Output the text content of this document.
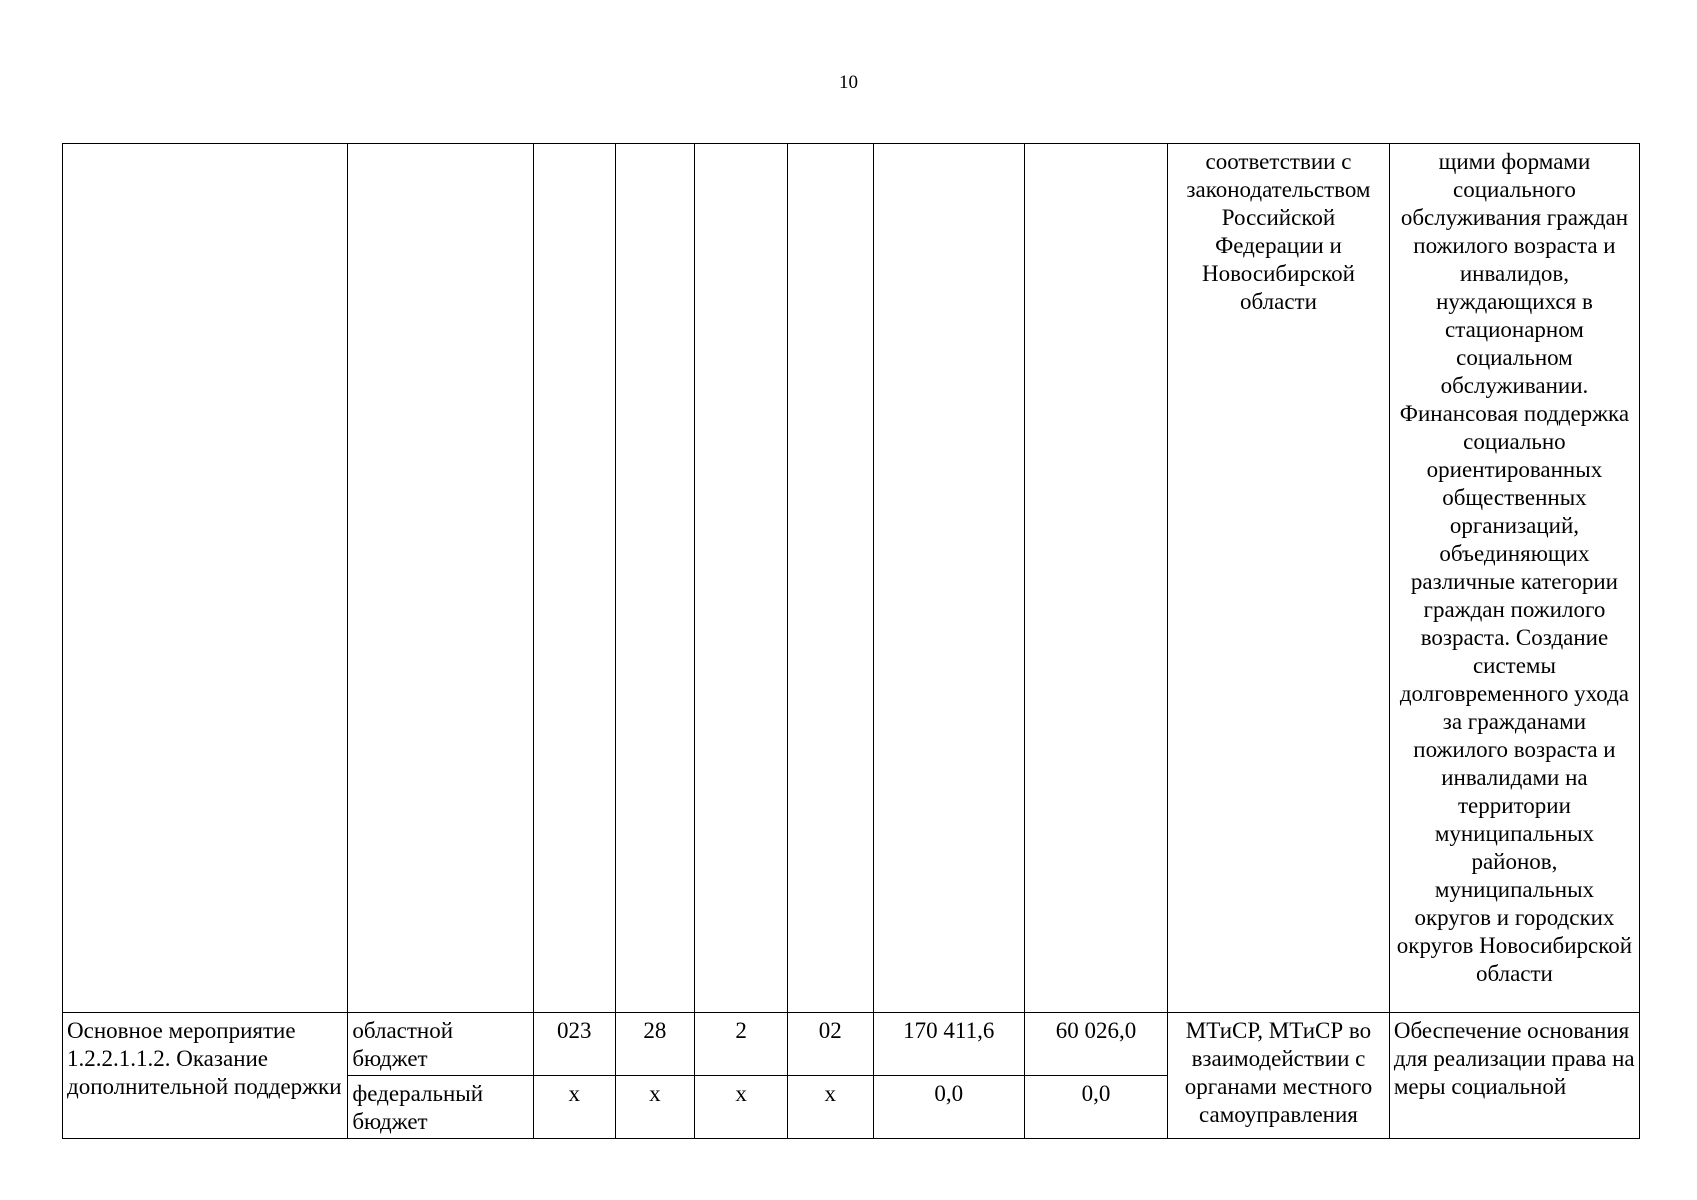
10
								соответствии с законодательством Российской Федерации и Новосибирской области	щими формами социального обслуживания граждан пожилого возраста и инвалидов, нуждающихся в стационарном социальном обслуживании. Финансовая поддержка социально ориентированных общественных организаций, объединяющих различные категории граждан пожилого возраста. Создание системы долговременного ухода за гражданами пожилого возраста и инвалидами на территории муниципальных районов, муниципальных округов и городских округов Новосибирской области
Основное мероприятие 1.2.2.1.1.2. Оказание дополнительной поддержки	областной бюджет	023	28	2	02	170 411,6	60 026,0	МТиСР, МТиСР во взаимодействии с органами местного самоуправления	Обеспечение основания для реализации права на меры социальной
	федеральный бюджет	х	х	х	х	0,0	0,0		
